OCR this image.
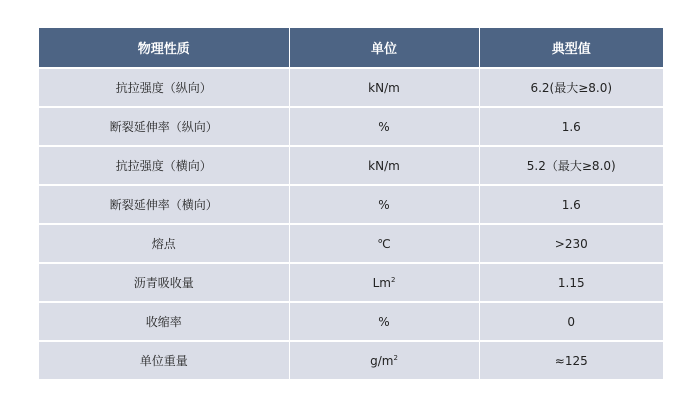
物理性质	单位	典型值
抗拉强度（纵向）	kN/m	6.2(最大≥8.0)
断裂延伸率（纵向）	%	1.6
抗拉强度（横向）	kN/m	5.2（最大≥8.0)
断裂延伸率（横向）	%	1.6
熔点	℃	>230
沥青吸收量	Lm$^2$	1.15
收缩率	%	0
单位重量	$g/m^2$	≈125
